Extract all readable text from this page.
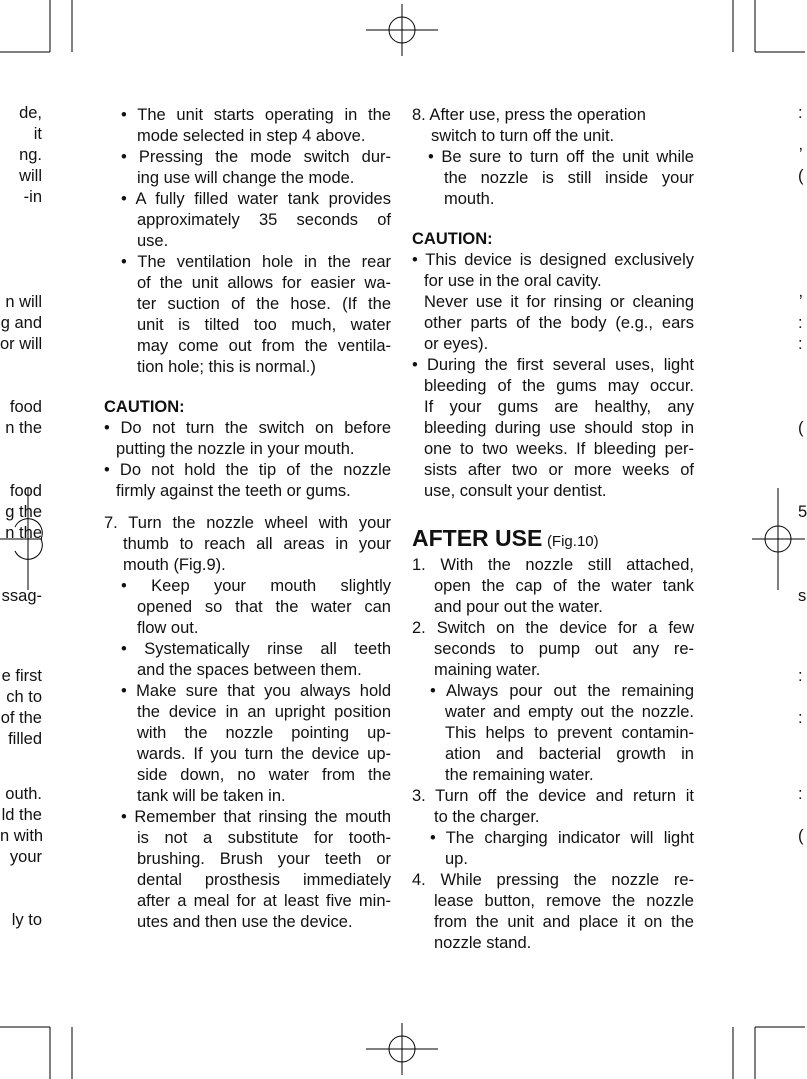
de,
it
ng.
will
-in
n will
g and
or will
food
n the
food
g the
n the
ssag-
e first
ch to
of the
filled
outh.
ld the
n with
your
ly to
:
ʼ
(
ʼ
:
:
(
5
s
:
:
:
(
• The unit starts operating in the
mode selected in step 4 above.
• Pressing the mode switch dur-
ing use will change the mode.
• A fully filled water tank provides
approximately 35 seconds of
use.
• The ventilation hole in the rear
of the unit allows for easier wa-
ter suction of the hose. (If the
unit is tilted too much, water
may come out from the ventila-
tion hole; this is normal.)
CAUTION:
• Do not turn the switch on before
putting the nozzle in your mouth.
• Do not hold the tip of the nozzle
firmly against the teeth or gums.
7. Turn the nozzle wheel with your
thumb to reach all areas in your
mouth (Fig.9).
• Keep your mouth slightly
opened so that the water can
flow out.
• Systematically rinse all teeth
and the spaces between them.
• Make sure that you always hold
the device in an upright position
with the nozzle pointing up-
wards. If you turn the device up-
side down, no water from the
tank will be taken in.
• Remember that rinsing the mouth
is not a substitute for tooth-
brushing. Brush your teeth or
dental prosthesis immediately
after a meal for at least five min-
utes and then use the device.
8. After use, press the operation
switch to turn off the unit.
• Be sure to turn off the unit while
the nozzle is still inside your
mouth.
CAUTION:
• This device is designed exclusively
for use in the oral cavity.
Never use it for rinsing or cleaning
other parts of the body (e.g., ears
or eyes).
• During the first several uses, light
bleeding of the gums may occur.
If your gums are healthy, any
bleeding during use should stop in
one to two weeks. If bleeding per-
sists after two or more weeks of
use, consult your dentist.
AFTER USE (Fig.10)
1. With the nozzle still attached,
open the cap of the water tank
and pour out the water.
2. Switch on the device for a few
seconds to pump out any re-
maining water.
• Always pour out the remaining
water and empty out the nozzle.
This helps to prevent contamin-
ation and bacterial growth in
the remaining water.
3. Turn off the device and return it
to the charger.
• The charging indicator will light
up.
4. While pressing the nozzle re-
lease button, remove the nozzle
from the unit and place it on the
nozzle stand.
